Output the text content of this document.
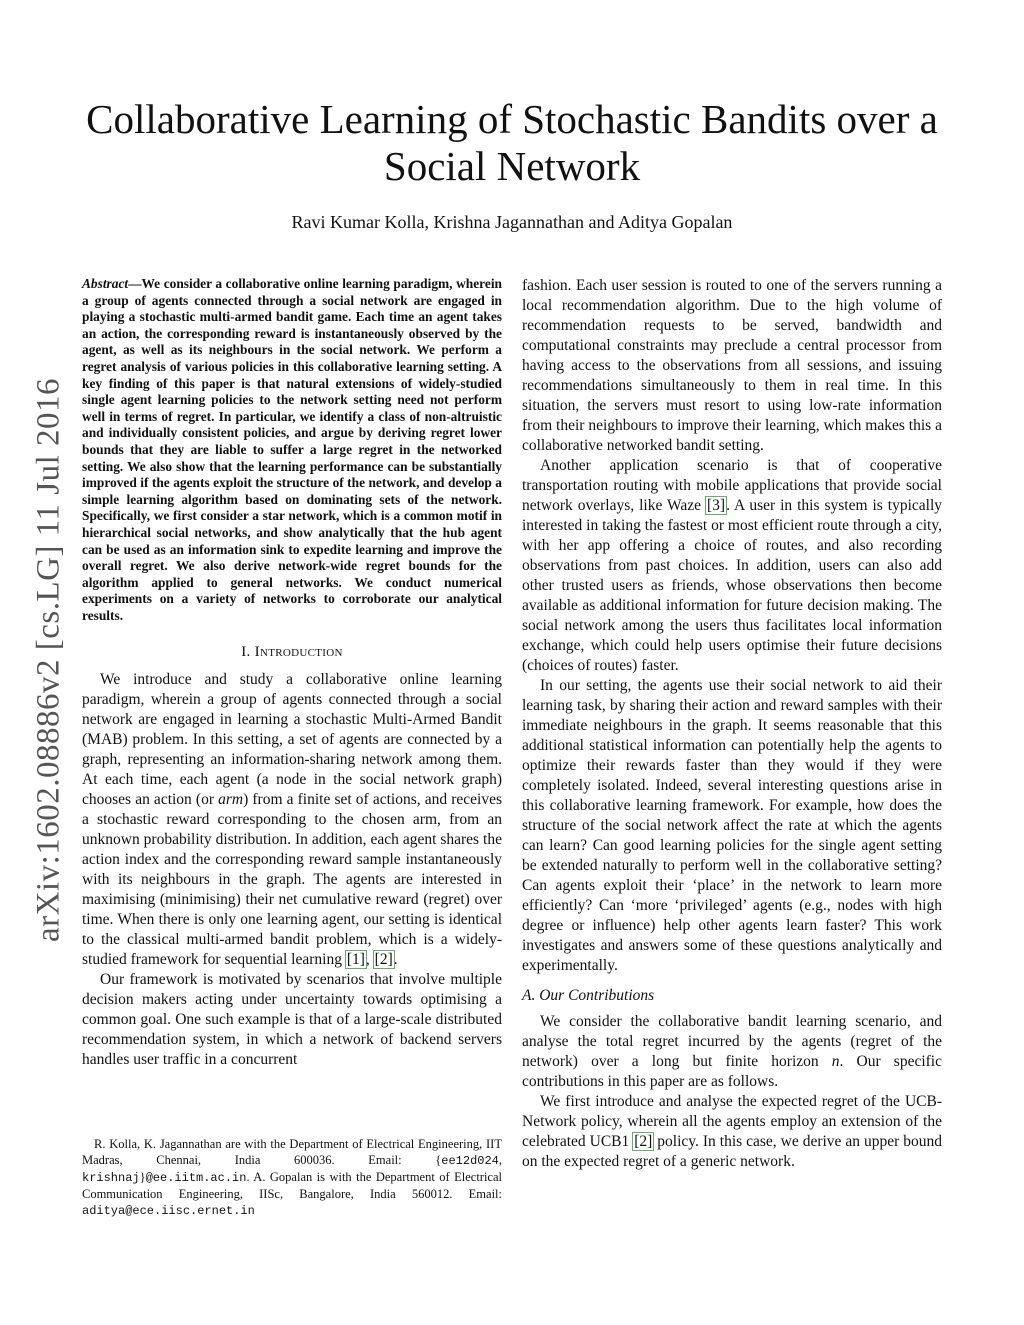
arXiv:1602.08886v2 [cs.LG] 11 Jul 2016
Collaborative Learning of Stochastic Bandits over a Social Network
Ravi Kumar Kolla, Krishna Jagannathan and Aditya Gopalan

Abstract—We consider a collaborative online learning paradigm, wherein a group of agents connected through a social network are engaged in playing a stochastic multi-armed bandit game. Each time an agent takes an action, the corresponding reward is instantaneously observed by the agent, as well as its neighbours in the social network. We perform a regret analysis of various policies in this collaborative learning setting. A key finding of this paper is that natural extensions of widely-studied single agent learning policies to the network setting need not perform well in terms of regret. In particular, we identify a class of non-altruistic and individually consistent policies, and argue by deriving regret lower bounds that they are liable to suffer a large regret in the networked setting. We also show that the learning performance can be substantially improved if the agents exploit the structure of the network, and develop a simple learning algorithm based on dominating sets of the network. Specifically, we first consider a star network, which is a common motif in hierarchical social networks, and show analytically that the hub agent can be used as an information sink to expedite learning and improve the overall regret. We also derive network-wide regret bounds for the algorithm applied to general networks. We conduct numerical experiments on a variety of networks to corroborate our analytical results.

I. Introduction

We introduce and study a collaborative online learning paradigm, wherein a group of agents connected through a social network are engaged in learning a stochastic Multi-Armed Bandit (MAB) problem. In this setting, a set of agents are connected by a graph, representing an information-sharing network among them. At each time, each agent (a node in the social network graph) chooses an action (or arm) from a finite set of actions, and receives a stochastic reward corresponding to the chosen arm, from an unknown probability distribution. In addition, each agent shares the action index and the corresponding reward sample instantaneously with its neighbours in the graph. The agents are interested in maximising (minimising) their net cumulative reward (regret) over time. When there is only one learning agent, our setting is identical to the classical multi-armed bandit problem, which is a widely-studied framework for sequential learning [1], [2].

Our framework is motivated by scenarios that involve multiple decision makers acting under uncertainty towards optimising a common goal. One such example is that of a large-scale distributed recommendation system, in which a network of backend servers handles user traffic in a concurrent

R. Kolla, K. Jagannathan are with the Department of Electrical Engineering, IIT Madras, Chennai, India 600036. Email: {ee12d024, krishnaj}@ee.iitm.ac.in. A. Gopalan is with the Department of Electrical Communication Engineering, IISc, Bangalore, India 560012. Email: aditya@ece.iisc.ernet.in

fashion. Each user session is routed to one of the servers running a local recommendation algorithm. Due to the high volume of recommendation requests to be served, bandwidth and computational constraints may preclude a central processor from having access to the observations from all sessions, and issuing recommendations simultaneously to them in real time. In this situation, the servers must resort to using low-rate information from their neighbours to improve their learning, which makes this a collaborative networked bandit setting.

Another application scenario is that of cooperative transportation routing with mobile applications that provide social network overlays, like Waze [3]. A user in this system is typically interested in taking the fastest or most efficient route through a city, with her app offering a choice of routes, and also recording observations from past choices. In addition, users can also add other trusted users as friends, whose observations then become available as additional information for future decision making. The social network among the users thus facilitates local information exchange, which could help users optimise their future decisions (choices of routes) faster.

In our setting, the agents use their social network to aid their learning task, by sharing their action and reward samples with their immediate neighbours in the graph. It seems reasonable that this additional statistical information can potentially help the agents to optimize their rewards faster than they would if they were completely isolated. Indeed, several interesting questions arise in this collaborative learning framework. For example, how does the structure of the social network affect the rate at which the agents can learn? Can good learning policies for the single agent setting be extended naturally to perform well in the collaborative setting? Can agents exploit their ‘place’ in the network to learn more efficiently? Can ‘more ‘privileged’ agents (e.g., nodes with high degree or influence) help other agents learn faster? This work investigates and answers some of these questions analytically and experimentally.

A. Our Contributions

We consider the collaborative bandit learning scenario, and analyse the total regret incurred by the agents (regret of the network) over a long but finite horizon n. Our specific contributions in this paper are as follows.

We first introduce and analyse the expected regret of the UCB-Network policy, wherein all the agents employ an extension of the celebrated UCB1 [2] policy. In this case, we derive an upper bound on the expected regret of a generic network.
